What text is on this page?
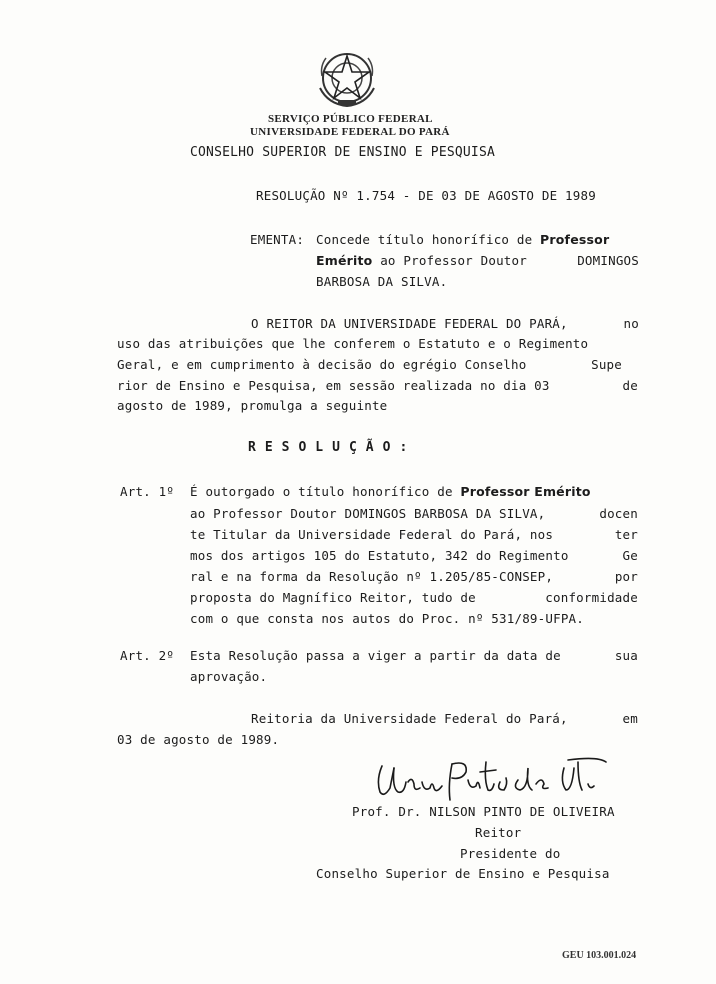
SERVIÇO PÚBLICO FEDERAL
UNIVERSIDADE FEDERAL DO PARÁ
CONSELHO SUPERIOR DE ENSINO E PESQUISA
RESOLUÇÃO Nº 1.754 - DE 03 DE AGOSTO DE 1989
EMENTA: Concede título honorífico de Professor
Emérito ao Professor Doutor	DOMINGOS
BARBOSA DA SILVA.
O REITOR DA UNIVERSIDADE FEDERAL DO PARÁ,	no
uso das atribuições que lhe conferem o Estatuto e o Regimento
Geral, e em cumprimento à decisão do egrégio Conselho	Supe
rior de Ensino e Pesquisa, em sessão realizada no dia 03	de
agosto de 1989, promulga a seguinte
RESOLUÇÃO:
Art. 1º É outorgado o título honorífico de Professor Emérito
ao Professor Doutor DOMINGOS BARBOSA DA SILVA,	docen
te Titular da Universidade Federal do Pará, nos	ter
mos dos artigos 105 do Estatuto, 342 do Regimento	Ge
ral e na forma da Resolução nº 1.205/85-CONSEP,	por
proposta do Magnífico Reitor, tudo de	conformidade
com o que consta nos autos do Proc. nº 531/89-UFPA.
Art. 2º Esta Resolução passa a viger a partir da data de	sua
aprovação.
Reitoria da Universidade Federal do Pará,	em
03 de agosto de 1989.
Prof. Dr. NILSON PINTO DE OLIVEIRA
Reitor
Presidente do
Conselho Superior de Ensino e Pesquisa
GEU 103.001.024
